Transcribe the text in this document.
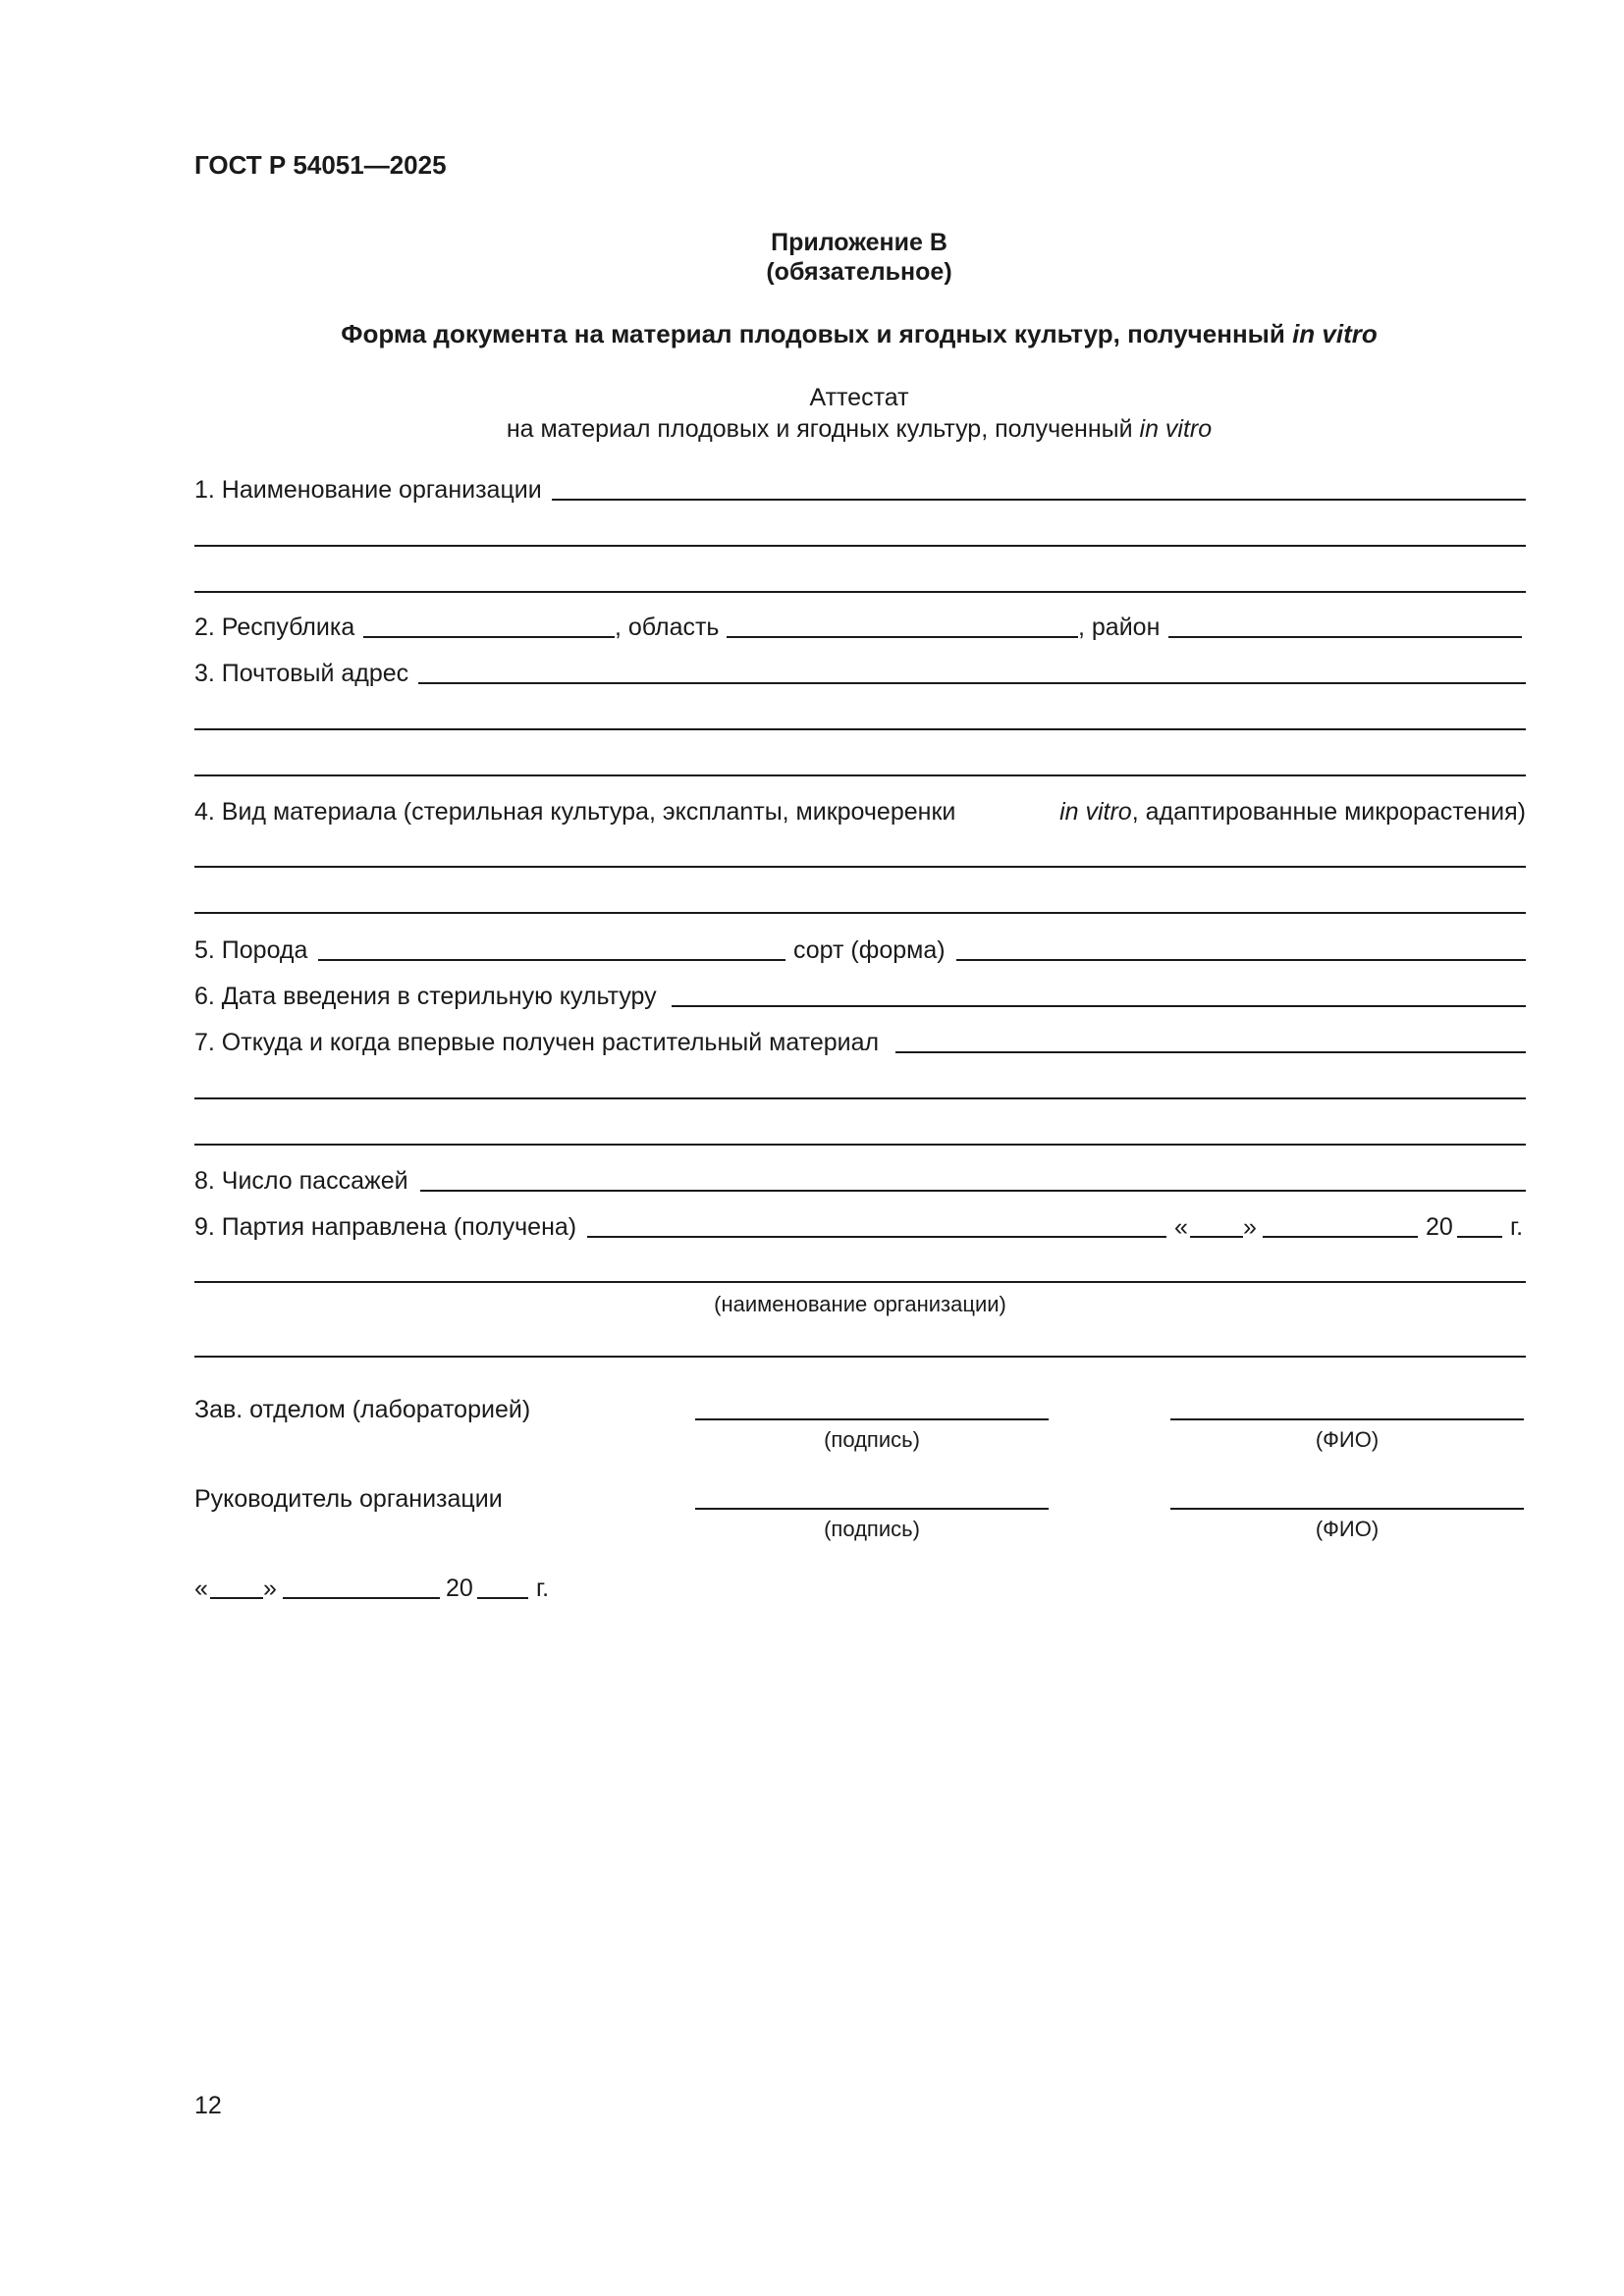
ГОСТ Р 54051—2025
Приложение В
(обязательное)
Форма документа на материал плодовых и ягодных культур, полученный in vitro
Аттестат
на материал плодовых и ягодных культур, полученный in vitro
1. Наименование организации
2. Республика	, область	, район
3. Почтовый адрес
4. Вид материала (стерильная культура, эксплanты, микрочеренки	in vitro, адаптированные микрорастения)
5. Порода	сорт (форма)
6. Дата введения в стерильную культуру
7. Откуда и когда впервые получен растительный материал
8. Число пассажей
9. Партия направлена (получена)	« »	20 г.
(наименование организации)
Зав. отделом (лабораторией)
(подпись)	(ФИО)
Руководитель организации
(подпись)	(ФИО)
« »	20	г.
12
